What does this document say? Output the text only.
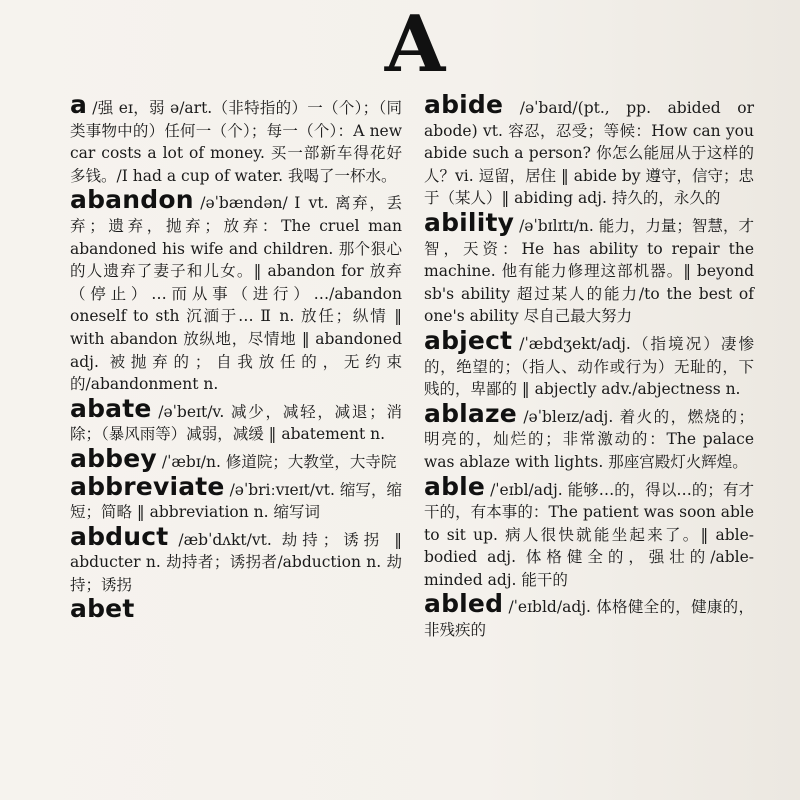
A
a /强 eɪ，弱 ə/art.（非特指的）一（个）；（同类事物中的）任何一（个）；每一（个）：A new car costs a lot of money. 买一部新车得花好多钱。/I had a cup of water. 我喝了一杯水。
abandon /əˈbændən/ Ⅰ vt. 离弃，丢弃；遗弃，抛弃；放弃：The cruel man abandoned his wife and children. 那个狠心的人遗弃了妻子和儿女。‖ abandon for 放弃（停止）…而从事（进行）…/abandon oneself to sth 沉湎于… Ⅱ n. 放任；纵情 ‖ with abandon 放纵地，尽情地 ‖ abandoned adj. 被抛弃的；自我放任的，无约束的/abandonment n.
abate /əˈbeɪt/v. 减少，减轻，减退；消除；（暴风雨等）减弱，减缓 ‖ abatement n.
abbey /ˈæbɪ/n. 修道院；大教堂，大寺院
abbreviate /əˈbriːvɪeɪt/vt. 缩写，缩短；简略 ‖ abbreviation n. 缩写词
abduct /æbˈdʌkt/vt. 劫持；诱拐 ‖ abducter n. 劫持者；诱拐者/abduction n. 劫持；诱拐
abet
abide /əˈbaɪd/(pt., pp. abided or abode) vt. 容忍，忍受；等候：How can you abide such a person? 你怎么能屈从于这样的人？vi. 逗留，居住 ‖ abide by 遵守，信守；忠于（某人）‖ abiding adj. 持久的，永久的
ability /əˈbɪlɪtɪ/n. 能力，力量；智慧，才智，天资：He has ability to repair the machine. 他有能力修理这部机器。‖ beyond sb's ability 超过某人的能力/to the best of one's ability 尽自己最大努力
abject /ˈæbdʒekt/adj.（指境况）凄惨的，绝望的；（指人、动作或行为）无耻的，下贱的，卑鄙的 ‖ abjectly adv./abjectness n.
ablaze /əˈbleɪz/adj. 着火的，燃烧的；明亮的，灿烂的；非常激动的：The palace was ablaze with lights. 那座宫殿灯火辉煌。
able /ˈeɪbl/adj. 能够…的，得以…的；有才干的，有本事的：The patient was soon able to sit up. 病人很快就能坐起来了。‖ able-bodied adj. 体格健全的，强壮的/able-minded adj. 能干的
abled /ˈeɪbld/adj. 体格健全的，健康的，非残疾的
